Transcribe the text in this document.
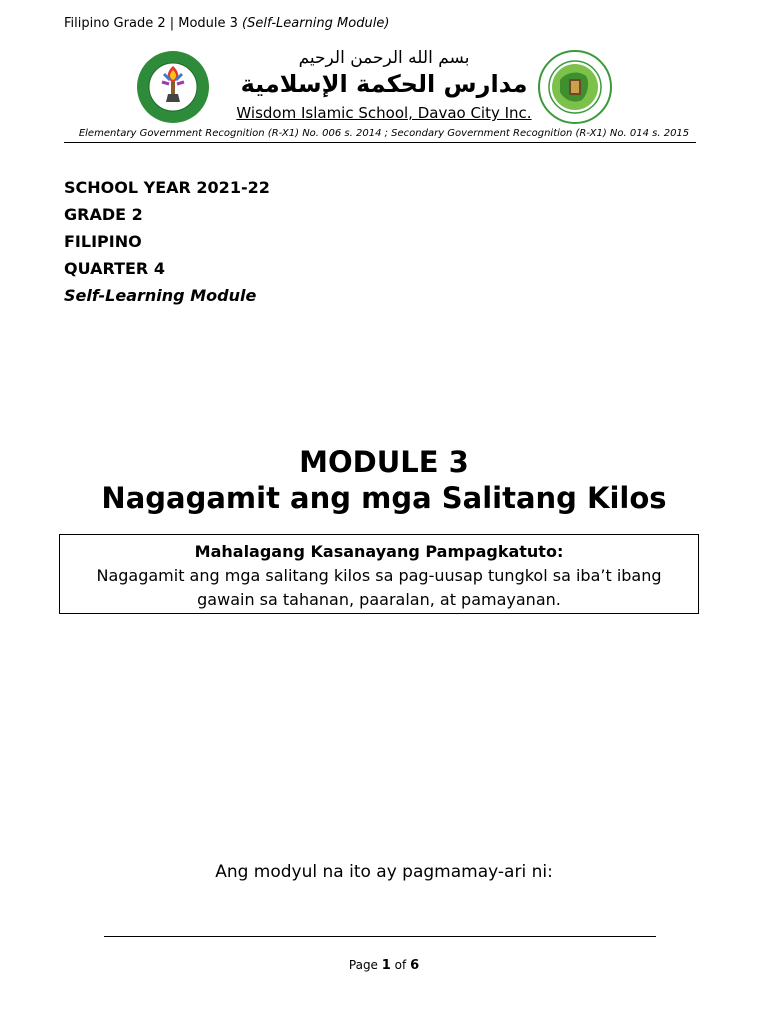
Filipino Grade 2 | Module 3 (Self-Learning Module)
بسم الله الرحمن الرحيم
مدارس الحكمة الإسلامية
Wisdom Islamic School, Davao City Inc.
Elementary Government Recognition (R-X1) No. 006 s. 2014 ; Secondary Government Recognition (R-X1) No. 014 s. 2015
SCHOOL YEAR 2021-22
GRADE 2
FILIPINO
QUARTER 4
Self-Learning Module
MODULE 3
Nagagamit ang mga Salitang Kilos
Mahalagang Kasanayang Pampagkatuto:
Nagagamit ang mga salitang kilos sa pag-uusap tungkol sa iba’t ibang
gawain sa tahanan, paaralan, at pamayanan.
Ang modyul na ito ay pagmamay-ari ni:
Page 1 of 6
